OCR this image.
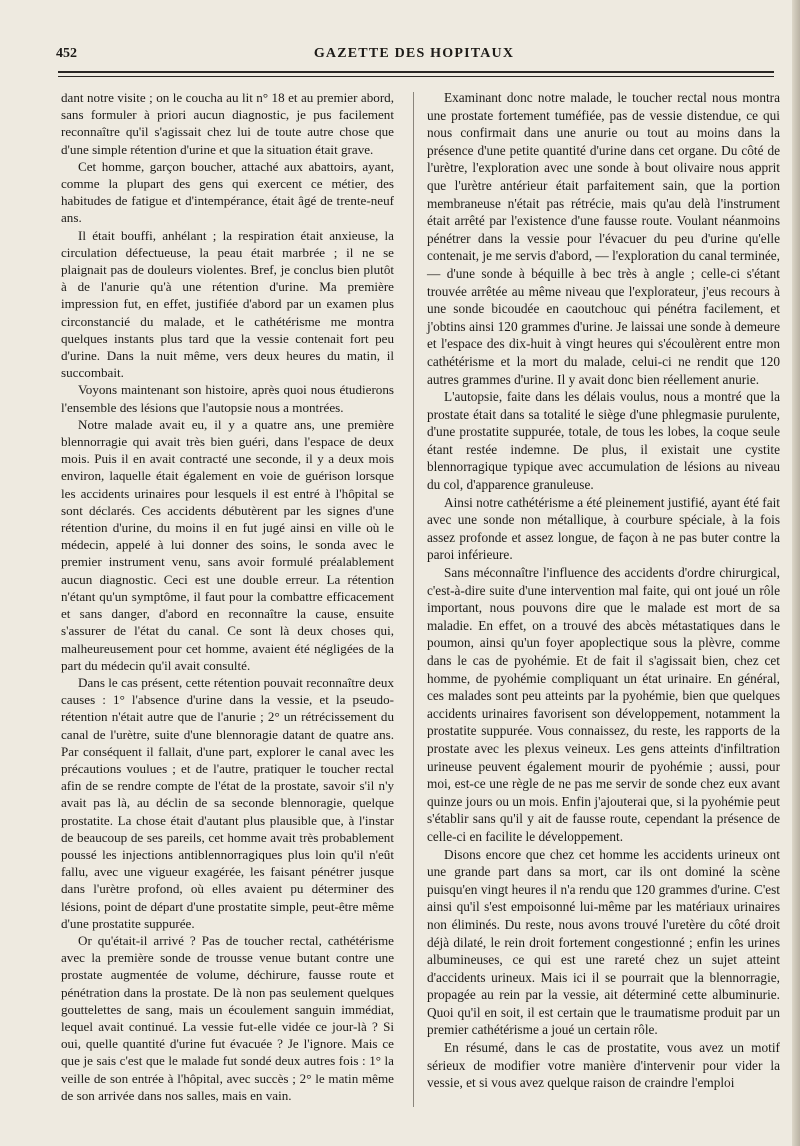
452	GAZETTE DES HOPITAUX

dant notre visite ; on le coucha au lit n° 18 et au premier abord, sans formuler à priori aucun diagnostic, je pus facilement reconnaître qu'il s'agissait chez lui de toute autre chose que d'une simple rétention d'urine et que la situation était grave.

Cet homme, garçon boucher, attaché aux abattoirs, ayant, comme la plupart des gens qui exercent ce métier, des habitudes de fatigue et d'intempérance, était âgé de trente-neuf ans.

Il était bouffi, anhélant ; la respiration était anxieuse, la circulation défectueuse, la peau était marbrée ; il ne se plaignait pas de douleurs violentes. Bref, je conclus bien plutôt à de l'anurie qu'à une rétention d'urine. Ma première impression fut, en effet, justifiée d'abord par un examen plus circonstancié du malade, et le cathétérisme me montra quelques instants plus tard que la vessie contenait fort peu d'urine. Dans la nuit même, vers deux heures du matin, il succombait.

Voyons maintenant son histoire, après quoi nous étudierons l'ensemble des lésions que l'autopsie nous a montrées.

Notre malade avait eu, il y a quatre ans, une première blennorragie qui avait très bien guéri, dans l'espace de deux mois. Puis il en avait contracté une seconde, il y a deux mois environ, laquelle était également en voie de guérison lorsque les accidents urinaires pour lesquels il est entré à l'hôpital se sont déclarés. Ces accidents débutèrent par les signes d'une rétention d'urine, du moins il en fut jugé ainsi en ville où le médecin, appelé à lui donner des soins, le sonda avec le premier instrument venu, sans avoir formulé préalablement aucun diagnostic. Ceci est une double erreur. La rétention n'étant qu'un symptôme, il faut pour la combattre efficacement et sans danger, d'abord en reconnaître la cause, ensuite s'assurer de l'état du canal. Ce sont là deux choses qui, malheureusement pour cet homme, avaient été négligées de la part du médecin qu'il avait consulté.

Dans le cas présent, cette rétention pouvait reconnaître deux causes : 1° l'absence d'urine dans la vessie, et la pseudo-rétention n'était autre que de l'anurie ; 2° un rétrécissement du canal de l'urètre, suite d'une blennoragie datant de quatre ans. Par conséquent il fallait, d'une part, explorer le canal avec les précautions voulues ; et de l'autre, pratiquer le toucher rectal afin de se rendre compte de l'état de la prostate, savoir s'il n'y avait pas là, au déclin de sa seconde blennoragie, quelque prostatite. La chose était d'autant plus plausible que, à l'instar de beaucoup de ses pareils, cet homme avait très probablement poussé les injections antiblennorragiques plus loin qu'il n'eût fallu, avec une vigueur exagérée, les faisant pénétrer jusque dans l'urètre profond, où elles avaient pu déterminer des lésions, point de départ d'une prostatite simple, peut-être même d'une prostatite suppurée.

Or qu'était-il arrivé ? Pas de toucher rectal, cathétérisme avec la première sonde de trousse venue butant contre une prostate augmentée de volume, déchirure, fausse route et pénétration dans la prostate. De là non pas seulement quelques gouttelettes de sang, mais un écoulement sanguin immédiat, lequel avait continué. La vessie fut-elle vidée ce jour-là ? Si oui, quelle quantité d'urine fut évacuée ? Je l'ignore. Mais ce que je sais c'est que le malade fut sondé deux autres fois : 1° la veille de son entrée à l'hôpital, avec succès ; 2° le matin même de son arrivée dans nos salles, mais en vain.

Examinant donc notre malade, le toucher rectal nous montra une prostate fortement tuméfiée, pas de vessie distendue, ce qui nous confirmait dans une anurie ou tout au moins dans la présence d'une petite quantité d'urine dans cet organe. Du côté de l'urètre, l'exploration avec une sonde à bout olivaire nous apprit que l'urètre antérieur était parfaitement sain, que la portion membraneuse n'était pas rétrécie, mais qu'au delà l'instrument était arrêté par l'existence d'une fausse route. Voulant néanmoins pénétrer dans la vessie pour l'évacuer du peu d'urine qu'elle contenait, je me servis d'abord, — l'exploration du canal terminée, — d'une sonde à béquille à bec très à angle ; celle-ci s'étant trouvée arrêtée au même niveau que l'explorateur, j'eus recours à une sonde bicoudée en caoutchouc qui pénétra facilement, et j'obtins ainsi 120 grammes d'urine. Je laissai une sonde à demeure et l'espace des dix-huit à vingt heures qui s'écoulèrent entre mon cathétérisme et la mort du malade, celui-ci ne rendit que 120 autres grammes d'urine. Il y avait donc bien réellement anurie.

L'autopsie, faite dans les délais voulus, nous a montré que la prostate était dans sa totalité le siège d'une phlegmasie purulente, d'une prostatite suppurée, totale, de tous les lobes, la coque seule étant restée indemne. De plus, il existait une cystite blennorragique typique avec accumulation de lésions au niveau du col, d'apparence granuleuse.

Ainsi notre cathétérisme a été pleinement justifié, ayant été fait avec une sonde non métallique, à courbure spéciale, à la fois assez profonde et assez longue, de façon à ne pas buter contre la paroi inférieure.

Sans méconnaître l'influence des accidents d'ordre chirurgical, c'est-à-dire suite d'une intervention mal faite, qui ont joué un rôle important, nous pouvons dire que le malade est mort de sa maladie. En effet, on a trouvé des abcès métastatiques dans le poumon, ainsi qu'un foyer apoplectique sous la plèvre, comme dans le cas de pyohémie. Et de fait il s'agissait bien, chez cet homme, de pyohémie compliquant un état urinaire. En général, ces malades sont peu atteints par la pyohémie, bien que quelques accidents urinaires favorisent son développement, notamment la prostatite suppurée. Vous connaissez, du reste, les rapports de la prostate avec les plexus veineux. Les gens atteints d'infiltration urineuse peuvent également mourir de pyohémie ; aussi, pour moi, est-ce une règle de ne pas me servir de sonde chez eux avant quinze jours ou un mois. Enfin j'ajouterai que, si la pyohémie peut s'établir sans qu'il y ait de fausse route, cependant la présence de celle-ci en facilite le développement.

Disons encore que chez cet homme les accidents urineux ont une grande part dans sa mort, car ils ont dominé la scène puisqu'en vingt heures il n'a rendu que 120 grammes d'urine. C'est ainsi qu'il s'est empoisonné lui-même par les matériaux urinaires non éliminés. Du reste, nous avons trouvé l'uretère du côté droit déjà dilaté, le rein droit fortement congestionné ; enfin les urines albumineuses, ce qui est une rareté chez un sujet atteint d'accidents urineux. Mais ici il se pourrait que la blennorragie, propagée au rein par la vessie, ait déterminé cette albuminurie. Quoi qu'il en soit, il est certain que le traumatisme produit par un premier cathétérisme a joué un certain rôle.

En résumé, dans le cas de prostatite, vous avez un motif sérieux de modifier votre manière d'intervenir pour vider la vessie, et si vous avez quelque raison de craindre l'emploi
